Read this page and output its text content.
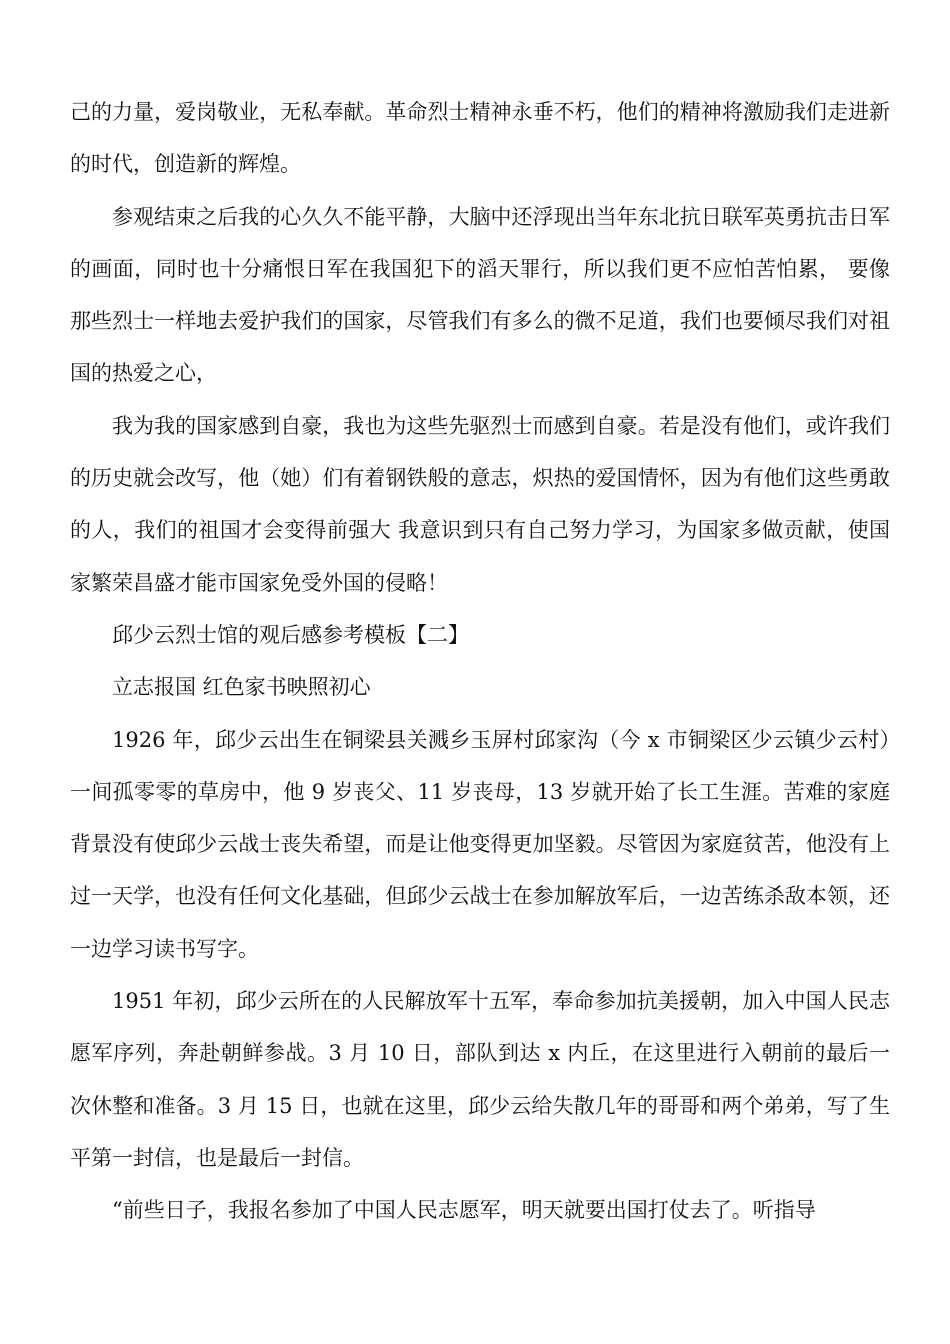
己的力量，爱岗敬业，无私奉献。革命烈士精神永垂不朽，他们的精神将激励我们走进新的时代，创造新的辉煌。

参观结束之后我的心久久不能平静，大脑中还浮现出当年东北抗日联军英勇抗击日军的画面，同时也十分痛恨日军在我国犯下的滔天罪行，所以我们更不应怕苦怕累， 要像那些烈士一样地去爱护我们的国家，尽管我们有多么的微不足道，我们也要倾尽我们对祖国的热爱之心，

我为我的国家感到自豪，我也为这些先驱烈士而感到自豪。若是没有他们，或许我们的历史就会改写，他（她）们有着钢铁般的意志，炽热的爱国情怀，因为有他们这些勇敢的人，我们的祖国才会变得前强大 我意识到只有自己努力学习，为国家多做贡献，使国家繁荣昌盛才能市国家免受外国的侵略！

邱少云烈士馆的观后感参考模板【二】

立志报国 红色家书映照初心

1926 年，邱少云出生在铜梁县关溅乡玉屏村邱家沟（今 x 市铜梁区少云镇少云村）一间孤零零的草房中，他 9 岁丧父、11 岁丧母，13 岁就开始了长工生涯。苦难的家庭背景没有使邱少云战士丧失希望，而是让他变得更加坚毅。尽管因为家庭贫苦，他没有上过一天学，也没有任何文化基础，但邱少云战士在参加解放军后，一边苦练杀敌本领，还一边学习读书写字。

1951 年初，邱少云所在的人民解放军十五军，奉命参加抗美援朝，加入中国人民志愿军序列，奔赴朝鲜参战。3 月 10 日，部队到达 x 内丘，在这里进行入朝前的最后一次休整和准备。3 月 15 日，也就在这里，邱少云给失散几年的哥哥和两个弟弟，写了生平第一封信，也是最后一封信。

“前些日子，我报名参加了中国人民志愿军，明天就要出国打仗去了。听指导
